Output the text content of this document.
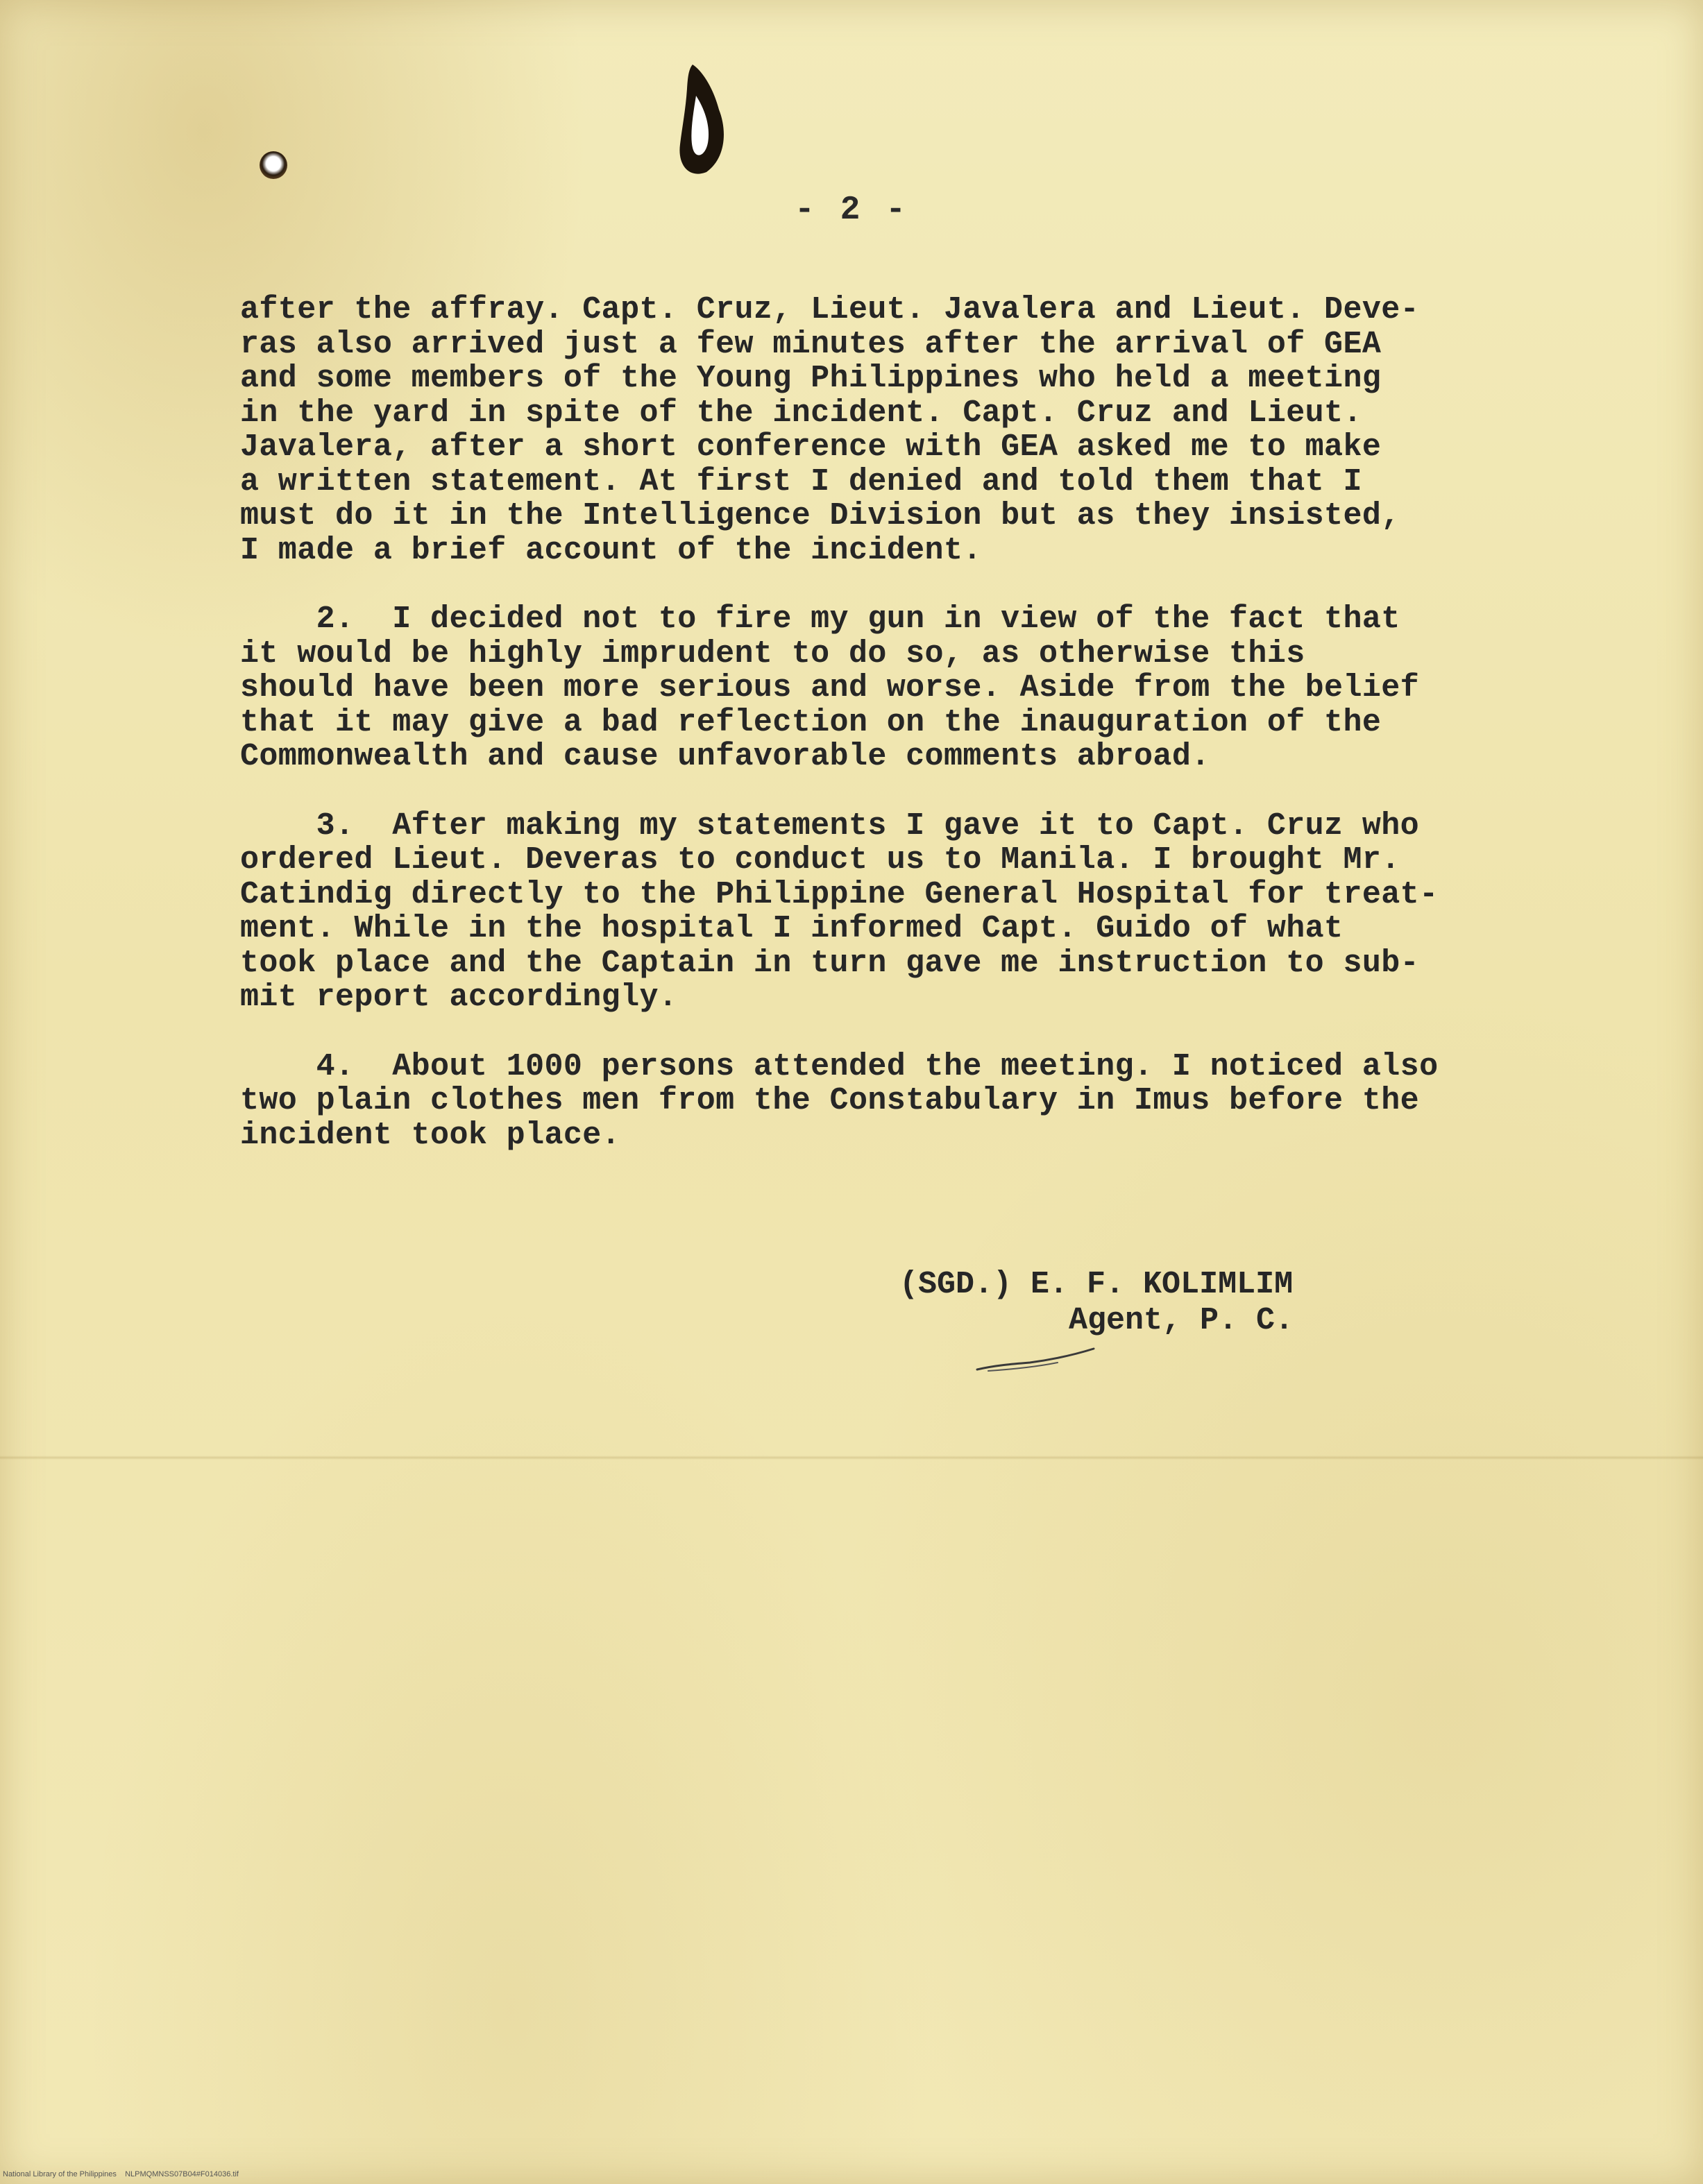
- 2 -
after the affray. Capt. Cruz, Lieut. Javalera and Lieut. Deve-
ras also arrived just a few minutes after the arrival of GEA
and some members of the Young Philippines who held a meeting
in the yard in spite of the incident. Capt. Cruz and Lieut.
Javalera, after a short conference with GEA asked me to make
a written statement. At first I denied and told them that I
must do it in the Intelligence Division but as they insisted,
I made a brief account of the incident.
2.  I decided not to fire my gun in view of the fact that
it would be highly imprudent to do so, as otherwise this
should have been more serious and worse. Aside from the belief
that it may give a bad reflection on the inauguration of the
Commonwealth and cause unfavorable comments abroad.
3.  After making my statements I gave it to Capt. Cruz who
ordered Lieut. Deveras to conduct us to Manila. I brought Mr.
Catindig directly to the Philippine General Hospital for treat-
ment. While in the hospital I informed Capt. Guido of what
took place and the Captain in turn gave me instruction to sub-
mit report accordingly.
4.  About 1000 persons attended the meeting. I noticed also
two plain clothes men from the Constabulary in Imus before the
incident took place.
(SGD.) E. F. KOLIMLIM
Agent, P. C.
National Library of the Philippines    NLPMQMNSS07B04#F014036.tif
